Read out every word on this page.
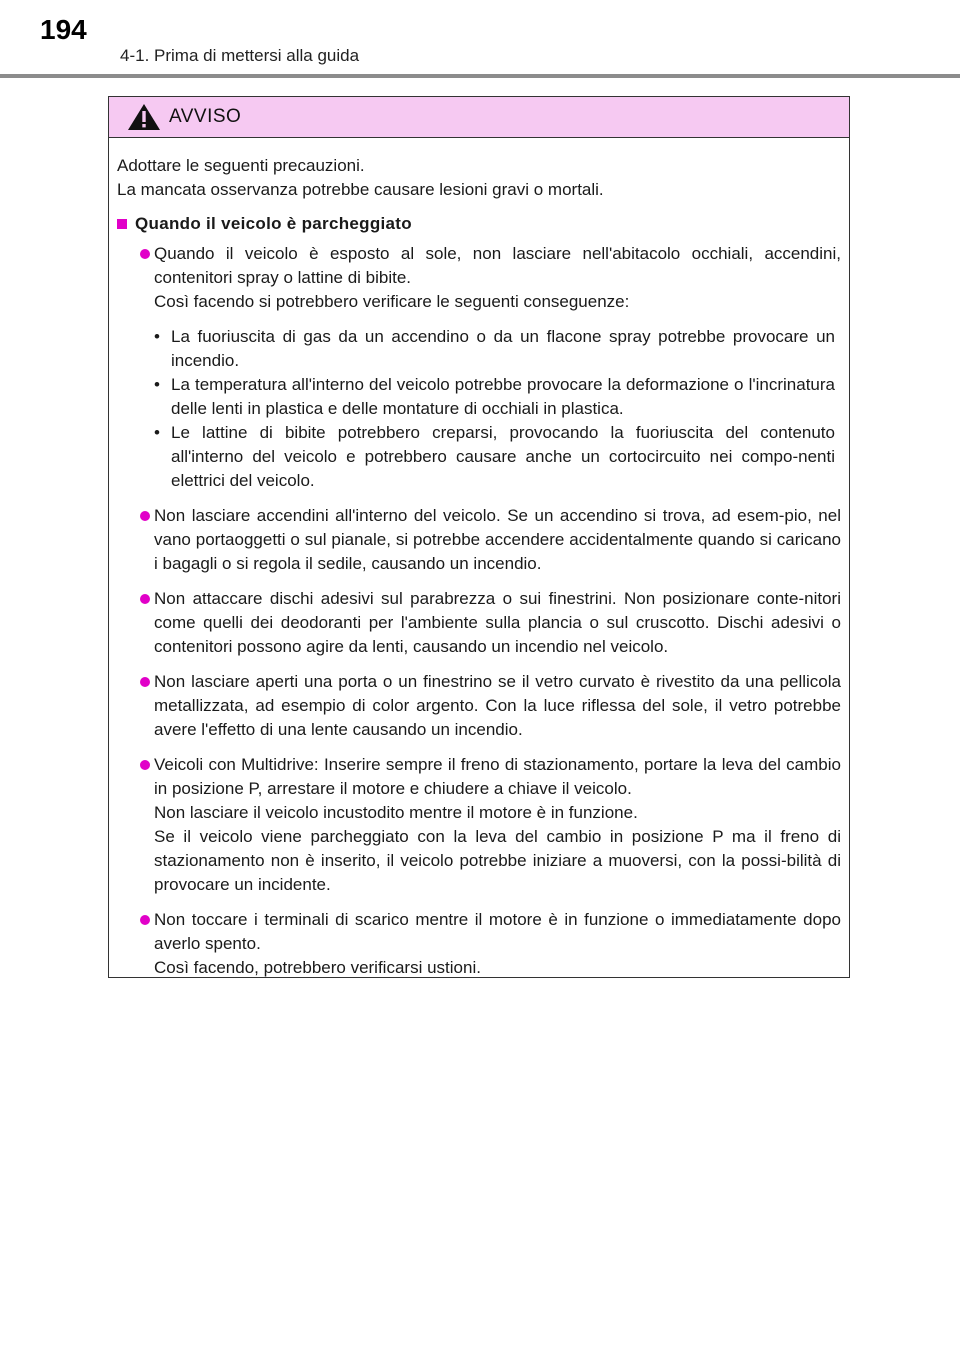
194
4-1. Prima di mettersi alla guida
AVVISO

Adottare le seguenti precauzioni.

La mancata osservanza potrebbe causare lesioni gravi o mortali.

Quando il veicolo è parcheggiato

Quando il veicolo è esposto al sole, non lasciare nell'abitacolo occhiali, accendini, contenitori spray o lattine di bibite.

Così facendo si potrebbero verificare le seguenti conseguenze:

• La fuoriuscita di gas da un accendino o da un flacone spray potrebbe provocare un incendio.
• La temperatura all'interno del veicolo potrebbe provocare la deformazione o l'incrinatura delle lenti in plastica e delle montature di occhiali in plastica.
• Le lattine di bibite potrebbero creparsi, provocando la fuoriuscita del contenuto all'interno del veicolo e potrebbero causare anche un cortocircuito nei compo-nenti elettrici del veicolo.

Non lasciare accendini all'interno del veicolo. Se un accendino si trova, ad esem-pio, nel vano portaoggetti o sul pianale, si potrebbe accendere accidentalmente quando si caricano i bagagli o si regola il sedile, causando un incendio.

Non attaccare dischi adesivi sul parabrezza o sui finestrini. Non posizionare conte-nitori come quelli dei deodoranti per l'ambiente sulla plancia o sul cruscotto. Dischi adesivi o contenitori possono agire da lenti, causando un incendio nel veicolo.

Non lasciare aperti una porta o un finestrino se il vetro curvato è rivestito da una pellicola metallizzata, ad esempio di color argento. Con la luce riflessa del sole, il vetro potrebbe avere l'effetto di una lente causando un incendio.

Veicoli con Multidrive: Inserire sempre il freno di stazionamento, portare la leva del cambio in posizione P, arrestare il motore e chiudere a chiave il veicolo.

Non lasciare il veicolo incustodito mentre il motore è in funzione.

Se il veicolo viene parcheggiato con la leva del cambio in posizione P ma il freno di stazionamento non è inserito, il veicolo potrebbe iniziare a muoversi, con la possi-bilità di provocare un incidente.

Non toccare i terminali di scarico mentre il motore è in funzione o immediatamente dopo averlo spento.

Così facendo, potrebbero verificarsi ustioni.
